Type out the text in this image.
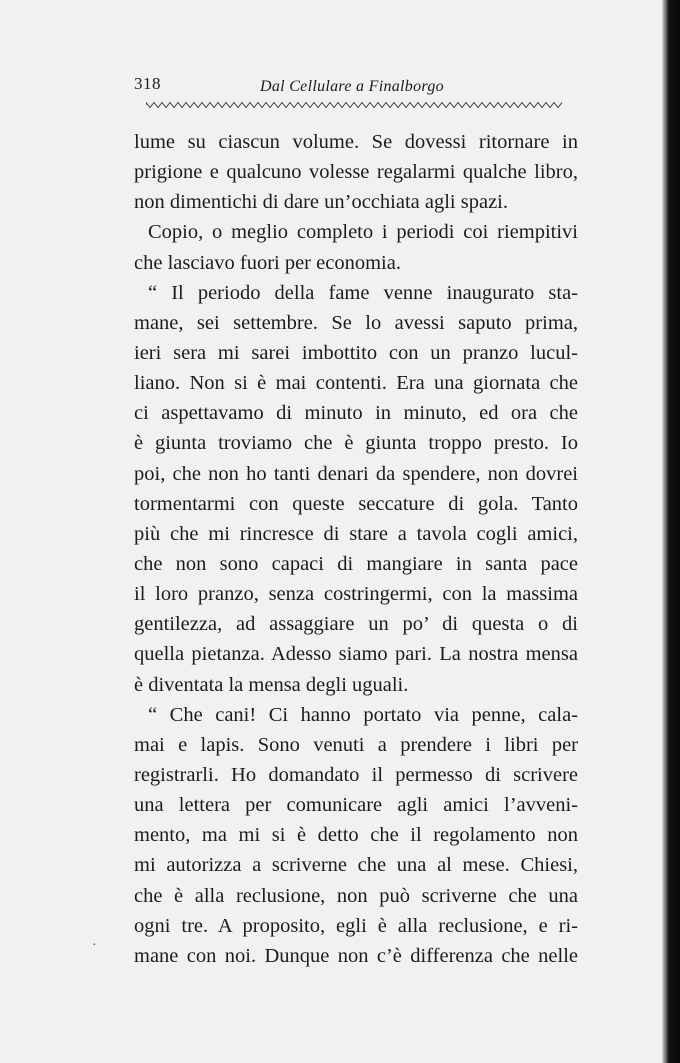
318	Dal Cellulare a Finalborgo
lume su ciascun volume. Se dovessi ritornare in
prigione e qualcuno volesse regalarmi qualche libro,
non dimentichi di dare un’occhiata agli spazi.
Copio, o meglio completo i periodi coi riempitivi
che lasciavo fuori per economia.
“ Il periodo della fame venne inaugurato sta-
mane, sei settembre. Se lo avessi saputo prima,
ieri sera mi sarei imbottito con un pranzo lucul-
liano. Non si è mai contenti. Era una giornata che
ci aspettavamo di minuto in minuto, ed ora che
è giunta troviamo che è giunta troppo presto. Io
poi, che non ho tanti denari da spendere, non dovrei
tormentarmi con queste seccature di gola. Tanto
più che mi rincresce di stare a tavola cogli amici,
che non sono capaci di mangiare in santa pace
il loro pranzo, senza costringermi, con la massima
gentilezza, ad assaggiare un po’ di questa o di
quella pietanza. Adesso siamo pari. La nostra mensa
è diventata la mensa degli uguali.
“ Che cani! Ci hanno portato via penne, cala-
mai e lapis. Sono venuti a prendere i libri per
registrarli. Ho domandato il permesso di scrivere
una lettera per comunicare agli amici l’avveni-
mento, ma mi si è detto che il regolamento non
mi autorizza a scriverne che una al mese. Chiesi,
che è alla reclusione, non può scriverne che una
ogni tre. A proposito, egli è alla reclusione, e ri-
mane con noi. Dunque non c’è differenza che nelle
·
